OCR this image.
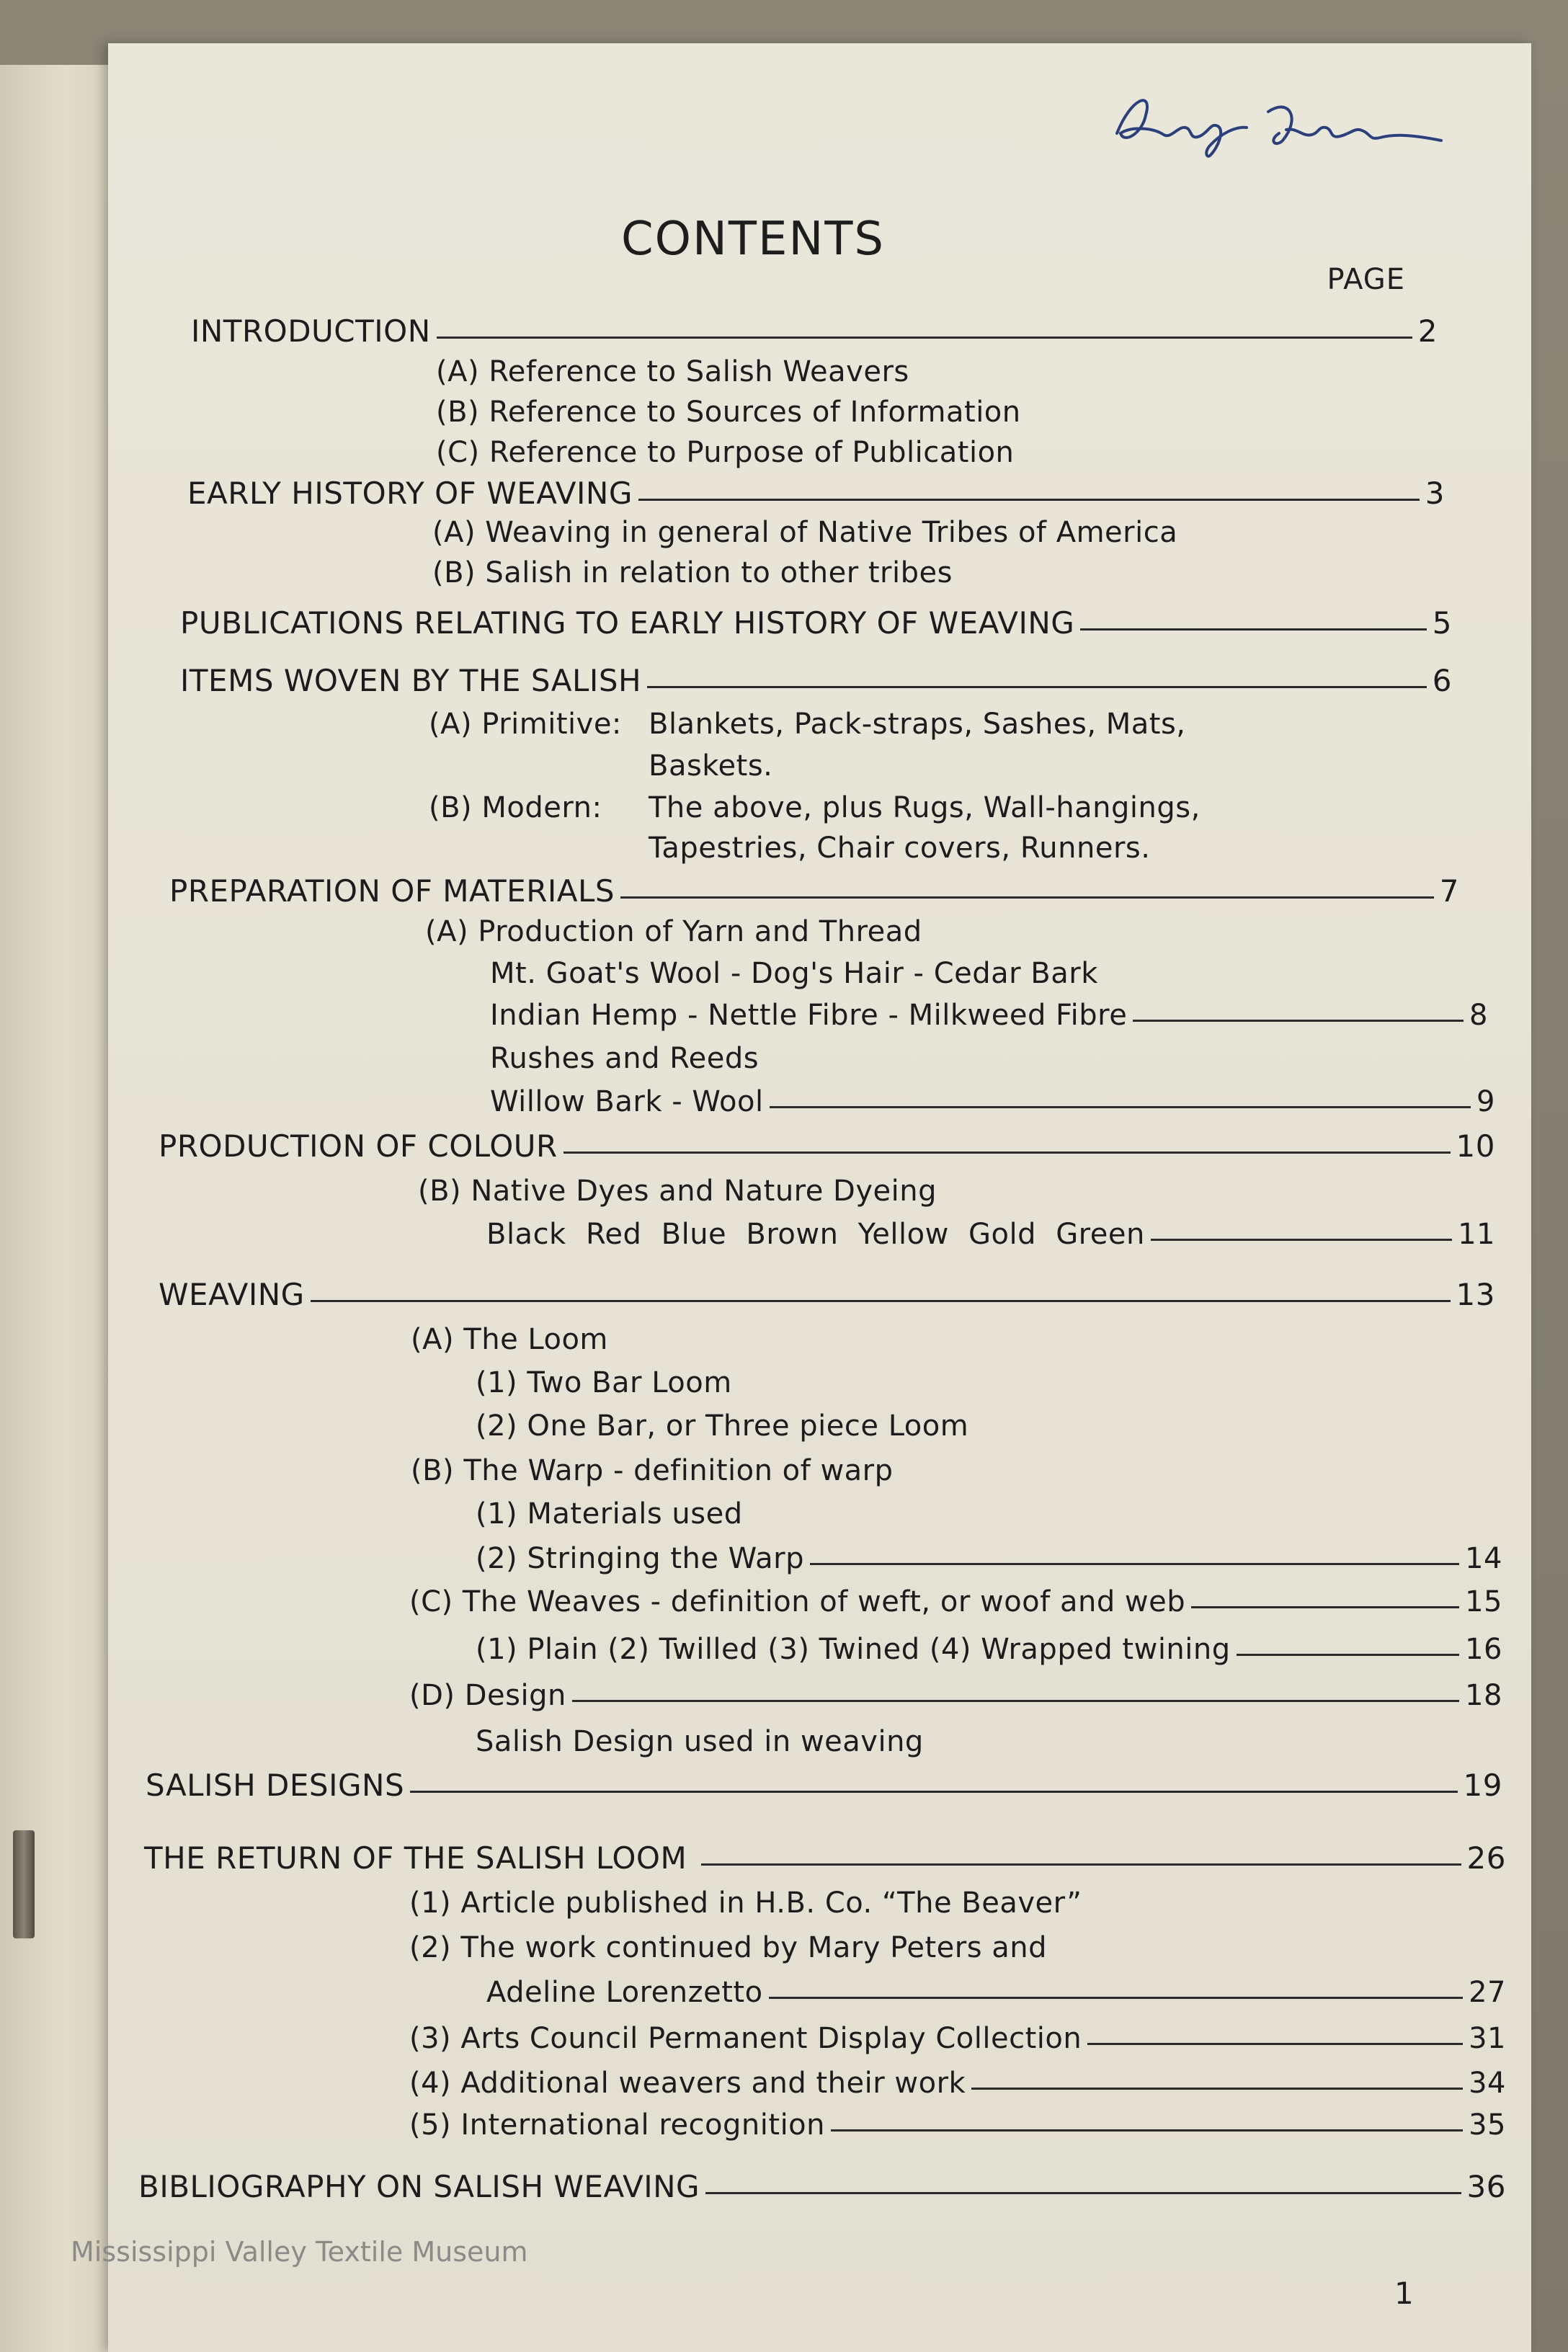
CONTENTS
PAGE
INTRODUCTION	2
(A) Reference to Salish Weavers
(B) Reference to Sources of Information
(C) Reference to Purpose of Publication
EARLY HISTORY OF WEAVING	3
(A) Weaving in general of Native Tribes of America
(B) Salish in relation to other tribes
PUBLICATIONS RELATING TO EARLY HISTORY OF WEAVING	5
ITEMS WOVEN BY THE SALISH	6
(A) Primitive: Blankets, Pack-straps, Sashes, Mats,
Baskets.
(B) Modern:	The above, plus Rugs, Wall-hangings,
Tapestries, Chair covers, Runners.
PREPARATION OF MATERIALS	7
(A) Production of Yarn and Thread
Mt. Goat's Wool - Dog's Hair - Cedar Bark
Indian Hemp - Nettle Fibre - Milkweed Fibre	8
Rushes and Reeds
Willow Bark - Wool	9
PRODUCTION OF COLOUR	10
(B) Native Dyes and Nature Dyeing
Black Red Blue Brown Yellow Gold Green	11
WEAVING	13
(A) The Loom
(1) Two Bar Loom
(2) One Bar, or Three piece Loom
(B) The Warp - definition of warp
(1) Materials used
(2) Stringing the Warp	14
(C) The Weaves - definition of weft, or woof and web	15
(1) Plain (2) Twilled (3) Twined (4) Wrapped twining	16
(D) Design	18
Salish Design used in weaving
SALISH DESIGNS	19
THE RETURN OF THE SALISH LOOM	26
(1) Article published in H.B. Co. “The Beaver”
(2) The work continued by Mary Peters and
Adeline Lorenzetto	27
(3) Arts Council Permanent Display Collection	31
(4) Additional weavers and their work	34
(5) International recognition	35
BIBLIOGRAPHY ON SALISH WEAVING	36
Mississippi Valley Textile Museum
1
